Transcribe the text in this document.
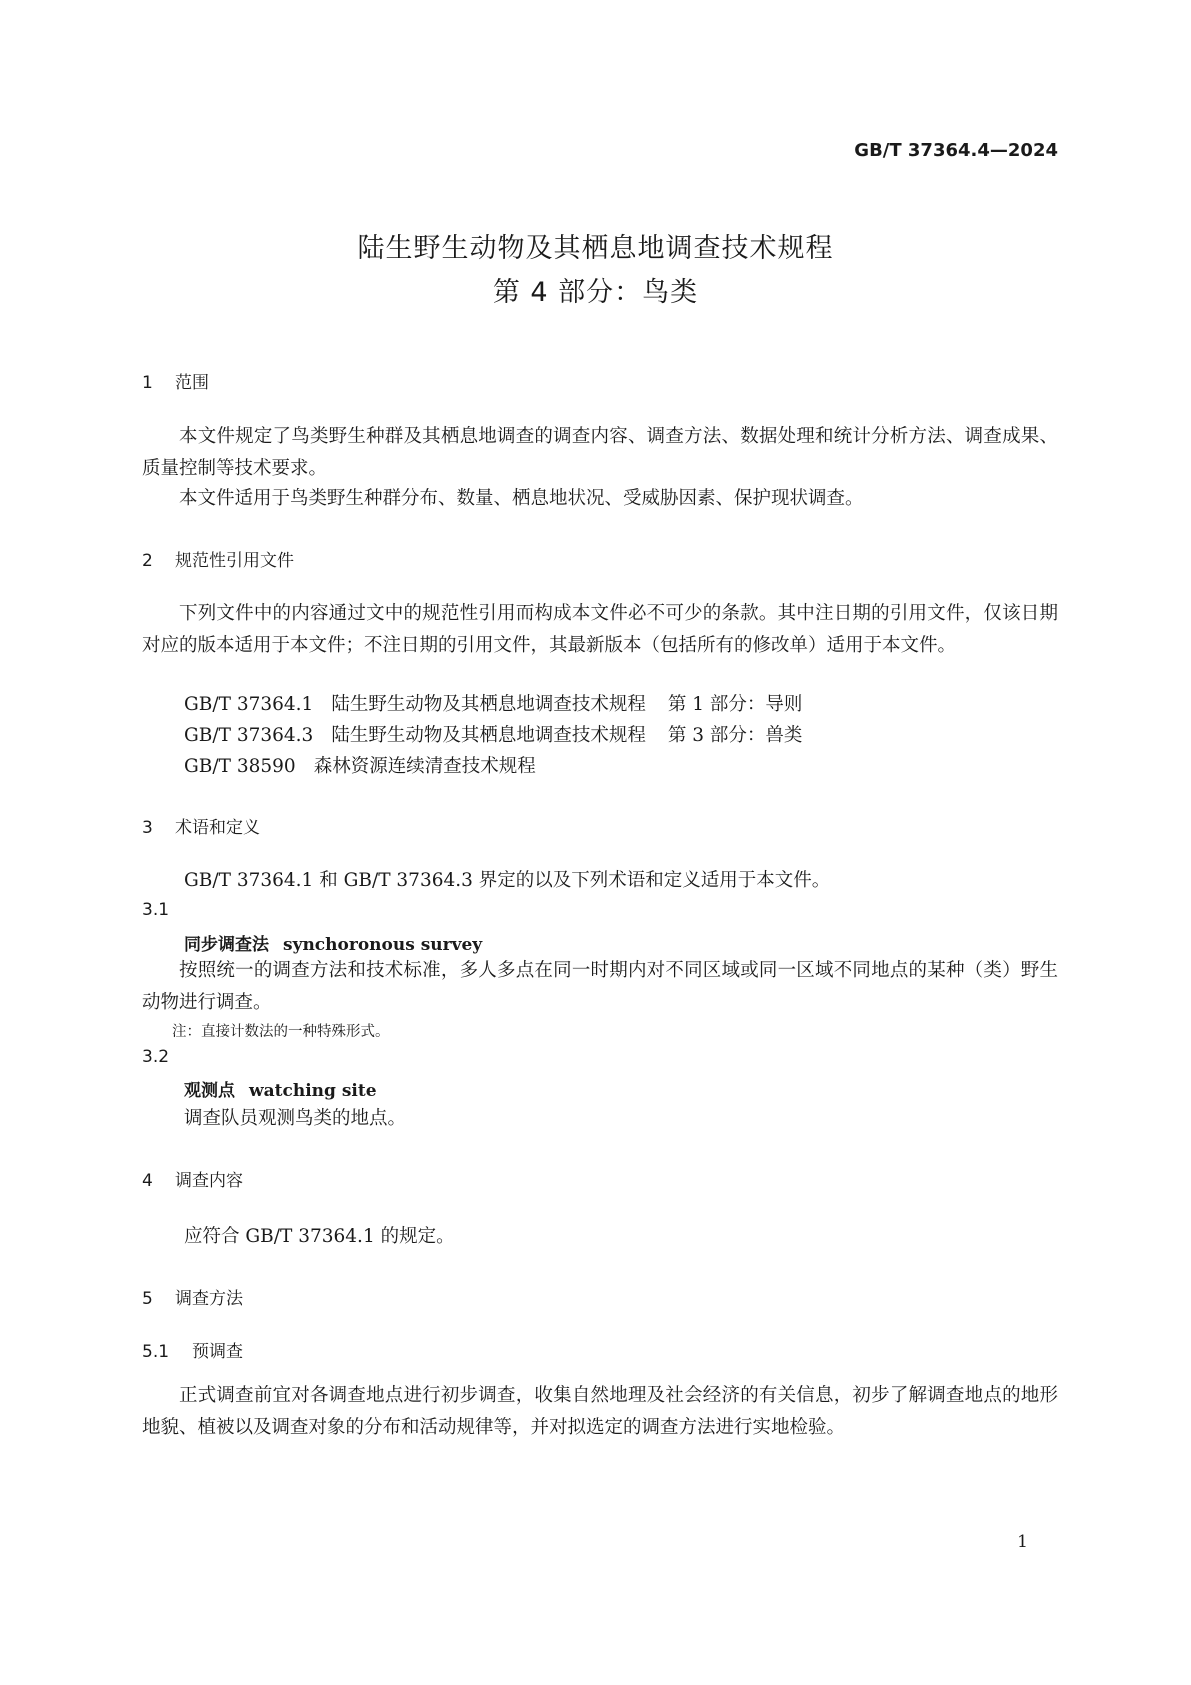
GB/T 37364.4—2024
陆生野生动物及其栖息地调查技术规程
第 4 部分：鸟类
1 范围
本文件规定了鸟类野生种群及其栖息地调查的调查内容、调查方法、数据处理和统计分析方法、调查成果、质量控制等技术要求。
本文件适用于鸟类野生种群分布、数量、栖息地状况、受威胁因素、保护现状调查。
2 规范性引用文件
下列文件中的内容通过文中的规范性引用而构成本文件必不可少的条款。其中注日期的引用文件，仅该日期对应的版本适用于本文件；不注日期的引用文件，其最新版本（包括所有的修改单）适用于本文件。
GB/T 37364.1 陆生野生动物及其栖息地调查技术规程 第 1 部分：导则
GB/T 37364.3 陆生野生动物及其栖息地调查技术规程 第 3 部分：兽类
GB/T 38590 森林资源连续清查技术规程
3 术语和定义
GB/T 37364.1 和 GB/T 37364.3 界定的以及下列术语和定义适用于本文件。
3.1
同步调查法 synchoronous survey
按照统一的调查方法和技术标准，多人多点在同一时期内对不同区域或同一区域不同地点的某种（类）野生动物进行调查。
注：直接计数法的一种特殊形式。
3.2
观测点 watching site
调查队员观测鸟类的地点。
4 调查内容
应符合 GB/T 37364.1 的规定。
5 调查方法
5.1 预调查
正式调查前宜对各调查地点进行初步调查，收集自然地理及社会经济的有关信息，初步了解调查地点的地形地貌、植被以及调查对象的分布和活动规律等，并对拟选定的调查方法进行实地检验。
1
